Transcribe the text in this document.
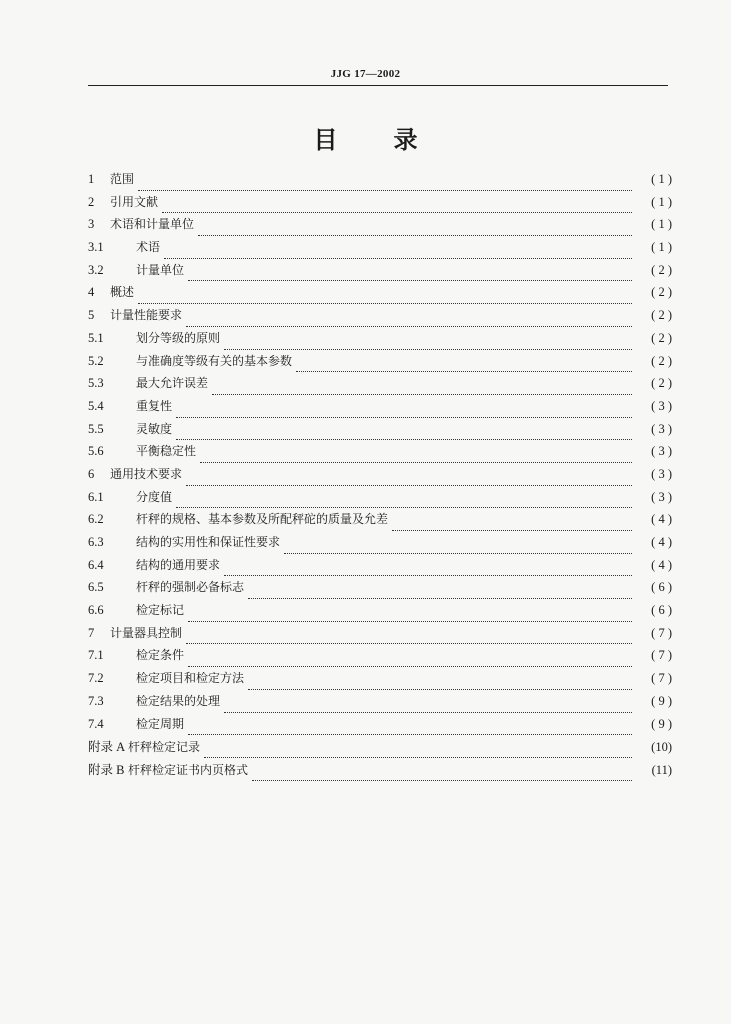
JJG 17—2002
目 录
1	范围	( 1 )
2	引用文献	( 1 )
3	术语和计量单位	( 1 )
3.1	术语	( 1 )
3.2	计量单位	( 2 )
4	概述	( 2 )
5	计量性能要求	( 2 )
5.1	划分等级的原则	( 2 )
5.2	与准确度等级有关的基本参数	( 2 )
5.3	最大允许误差	( 2 )
5.4	重复性	( 3 )
5.5	灵敏度	( 3 )
5.6	平衡稳定性	( 3 )
6	通用技术要求	( 3 )
6.1	分度值	( 3 )
6.2	杆秤的规格、基本参数及所配秤砣的质量及允差	( 4 )
6.3	结构的实用性和保证性要求	( 4 )
6.4	结构的通用要求	( 4 )
6.5	杆秤的强制必备标志	( 6 )
6.6	检定标记	( 6 )
7	计量器具控制	( 7 )
7.1	检定条件	( 7 )
7.2	检定项目和检定方法	( 7 )
7.3	检定结果的处理	( 9 )
7.4	检定周期	( 9 )
附录 A 杆秤检定记录	(10)
附录 B 杆秤检定证书内页格式	(11)
